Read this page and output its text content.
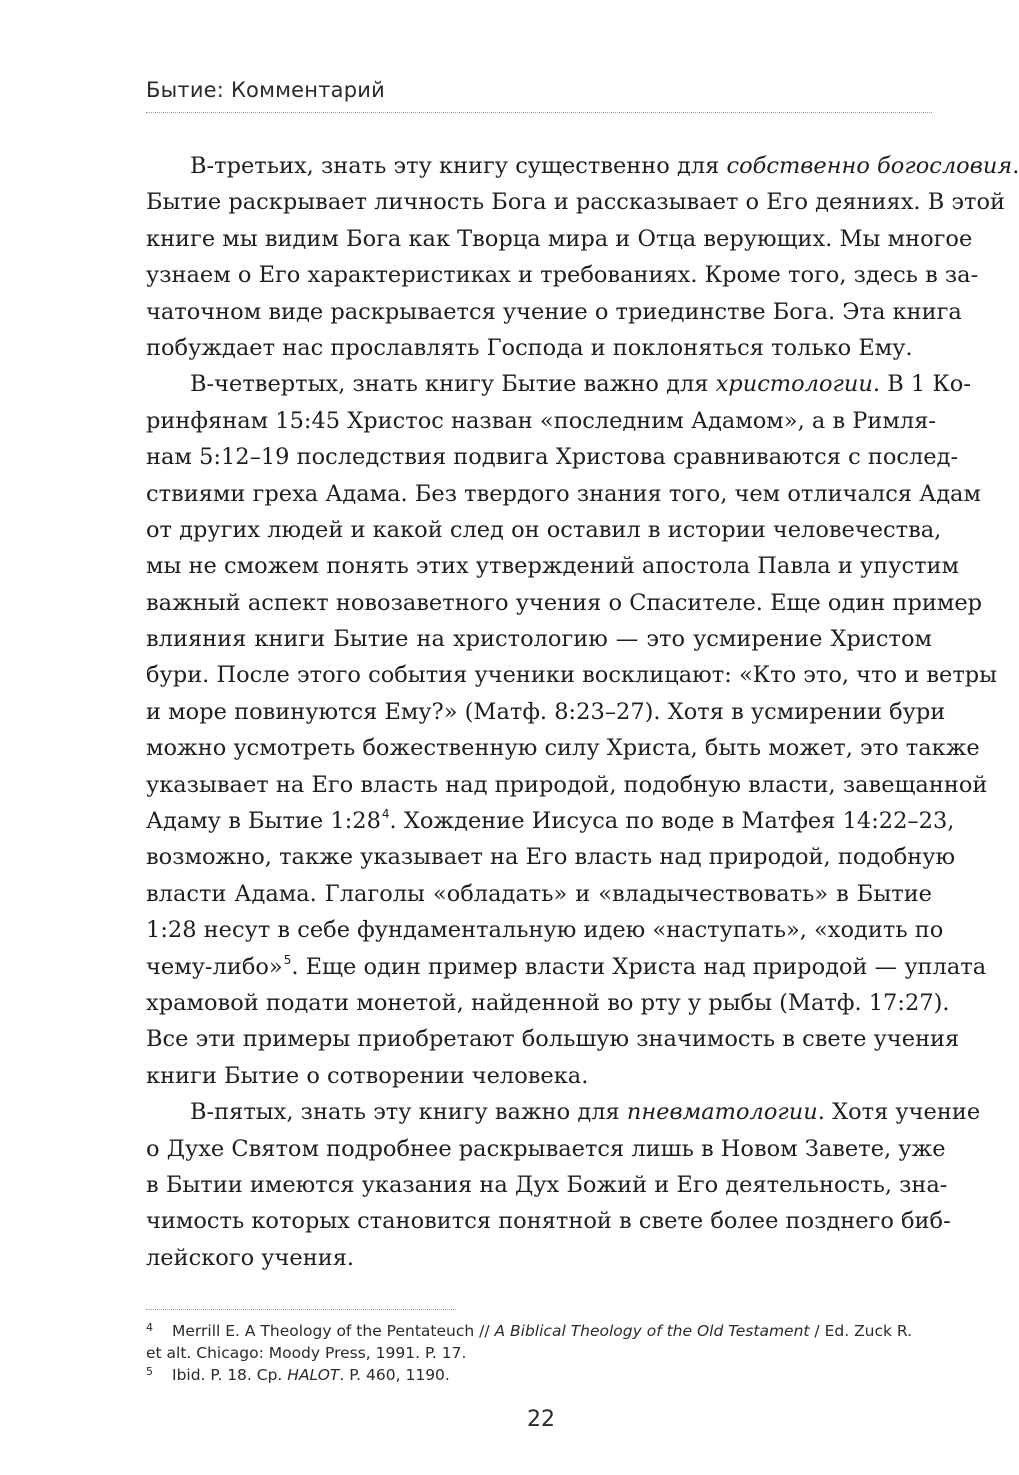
Бытие: Комментарий
В-третьих, знать эту книгу существенно для собственно богословия.
Бытие раскрывает личность Бога и рассказывает о Его деяниях. В этой
книге мы видим Бога как Творца мира и Отца верующих. Мы многое
узнаем о Его характеристиках и требованиях. Кроме того, здесь в за-
чаточном виде раскрывается учение о триединстве Бога. Эта книга
побуждает нас прославлять Господа и поклоняться только Ему.
В-четвертых, знать книгу Бытие важно для христологии. В 1 Ко-
ринфянам 15:45 Христос назван «последним Адамом», а в Римля-
нам 5:12–19 последствия подвига Христова сравниваются с послед-
ствиями греха Адама. Без твердого знания того, чем отличался Адам
от других людей и какой след он оставил в истории человечества,
мы не сможем понять этих утверждений апостола Павла и упустим
важный аспект новозаветного учения о Спасителе. Еще один пример
влияния книги Бытие на христологию — это усмирение Христом
бури. После этого события ученики восклицают: «Кто это, что и ветры
и море повинуются Ему?» (Матф. 8:23–27). Хотя в усмирении бури
можно усмотреть божественную силу Христа, быть может, это также
указывает на Его власть над природой, подобную власти, завещанной
Адаму в Бытие 1:28$^4$. Хождение Иисуса по воде в Матфея 14:22–23,
возможно, также указывает на Его власть над природой, подобную
власти Адама. Глаголы «обладать» и «владычествовать» в Бытие
1:28 несут в себе фундаментальную идею «наступать», «ходить по
чему-либо»$^5$. Еще один пример власти Христа над природой — уплата
храмовой подати монетой, найденной во рту у рыбы (Матф. 17:27).
Все эти примеры приобретают большую значимость в свете учения
книги Бытие о сотворении человека.
В-пятых, знать эту книгу важно для пневматологии. Хотя учение
о Духе Святом подробнее раскрывается лишь в Новом Завете, уже
в Бытии имеются указания на Дух Божий и Его деятельность, зна-
чимость которых становится понятной в свете более позднего биб-
лейского учения.
4 Merrill E. A Theology of the Pentateuch // A Biblical Theology of the Old Testament / Ed. Zuck R.
et alt. Chicago: Moody Press, 1991. P. 17.
5 Ibid. P. 18. Ср. HALOT. P. 460, 1190.
22
